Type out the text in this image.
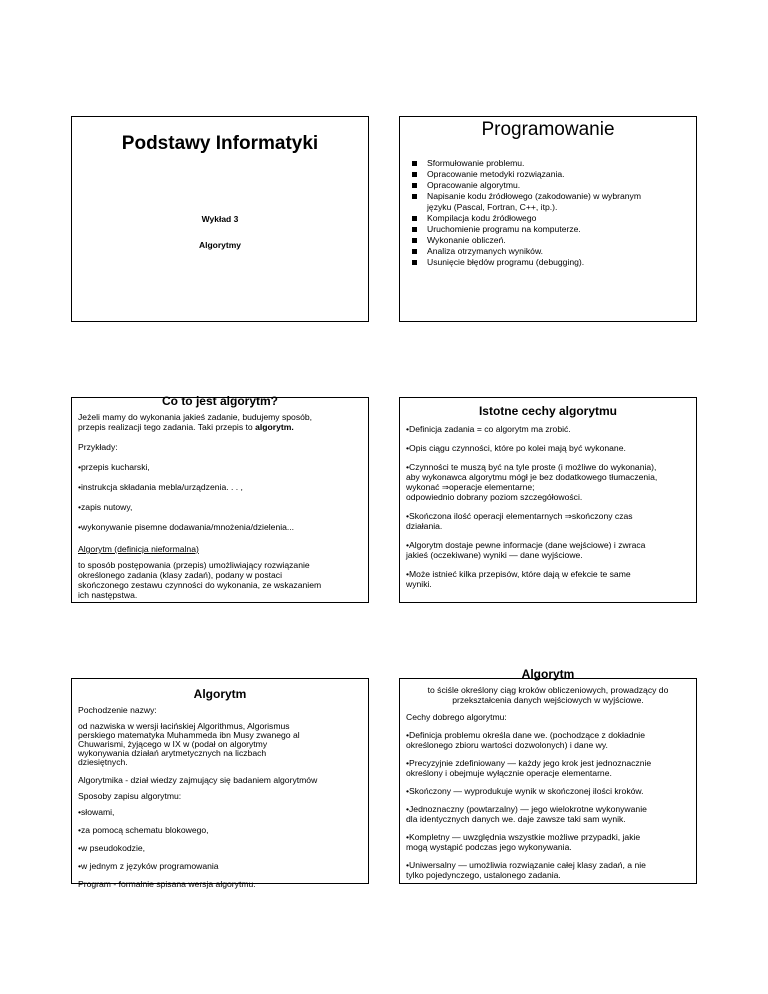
Podstawy Informatyki
Wykład 3
Algorytmy
Programowanie
Sformułowanie problemu.
Opracowanie metodyki rozwiązania.
Opracowanie algorytmu.
Napisanie kodu źródłowego (zakodowanie) w wybranym
języku (Pascal, Fortran, C++, itp.).
Kompilacja kodu źródłowego
Uruchomienie programu na komputerze.
Wykonanie obliczeń.
Analiza otrzymanych wyników.
Usunięcie błędów programu (debugging).
Co to jest algorytm?

Jeżeli mamy do wykonania jakieś zadanie, budujemy sposób,

przepis realizacji tego zadania. Taki przepis to algorytm.

Przykłady:

•przepis kucharski,

•instrukcja składania mebla/urządzenia. . . ,

•zapis nutowy,

•wykonywanie pisemne dodawania/mnożenia/dzielenia...

Algorytm (definicja nieformalna)

to sposób postępowania (przepis) umożliwiający rozwiązanie

określonego zadania (klasy zadań), podany w postaci

skończonego zestawu czynności do wykonania, ze wskazaniem

ich następstwa.

Istotne cechy algorytmu

•Definicja zadania = co algorytm ma zrobić.

•Opis ciągu czynności, które po kolei mają być wykonane.

•Czynności te muszą być na tyle proste (i możliwe do wykonania),

aby wykonawca algorytmu mógł je bez dodatkowego tłumaczenia,

wykonać ⇒operacje elementarne;

odpowiednio dobrany poziom szczegółowości.

•Skończona ilość operacji elementarnych ⇒skończony czas

działania.

•Algorytm dostaje pewne informacje (dane wejściowe) i zwraca

jakieś (oczekiwane) wyniki — dane wyjściowe.

•Może istnieć kilka przepisów, które dają w efekcie te same

wyniki.

Algorytm

Pochodzenie nazwy:

od nazwiska w wersji łacińskiej Algorithmus, Algorismus

perskiego matematyka Muhammeda ibn Musy zwanego al

Chuwarismi, żyjącego w IX w (podał on algorytmy

wykonywania działań arytmetycznych na liczbach

dziesiętnych.

Algorytmika - dział wiedzy zajmujący się badaniem algorytmów

Sposoby zapisu algorytmu:

•słowami,

•za pomocą schematu blokowego,

•w pseudokodzie,

•w jednym z języków programowania

Program - formalnie spisana wersja algorytmu.

Algorytm

to ściśle określony ciąg kroków obliczeniowych, prowadzący do

przekształcenia danych wejściowych w wyjściowe.

Cechy dobrego algorytmu:

•Definicja problemu określa dane we. (pochodzące z dokładnie

określonego zbioru wartości dozwolonych) i dane wy.

•Precyzyjnie zdefiniowany — każdy jego krok jest jednoznacznie

określony i obejmuje wyłącznie operacje elementarne.

•Skończony — wyprodukuje wynik w skończonej ilości kroków.

•Jednoznaczny (powtarzalny) — jego wielokrotne wykonywanie

dla identycznych danych we. daje zawsze taki sam wynik.

•Kompletny — uwzględnia wszystkie możliwe przypadki, jakie

mogą wystąpić podczas jego wykonywania.

•Uniwersalny — umożliwia rozwiązanie całej klasy zadań, a nie

tylko pojedynczego, ustalonego zadania.
